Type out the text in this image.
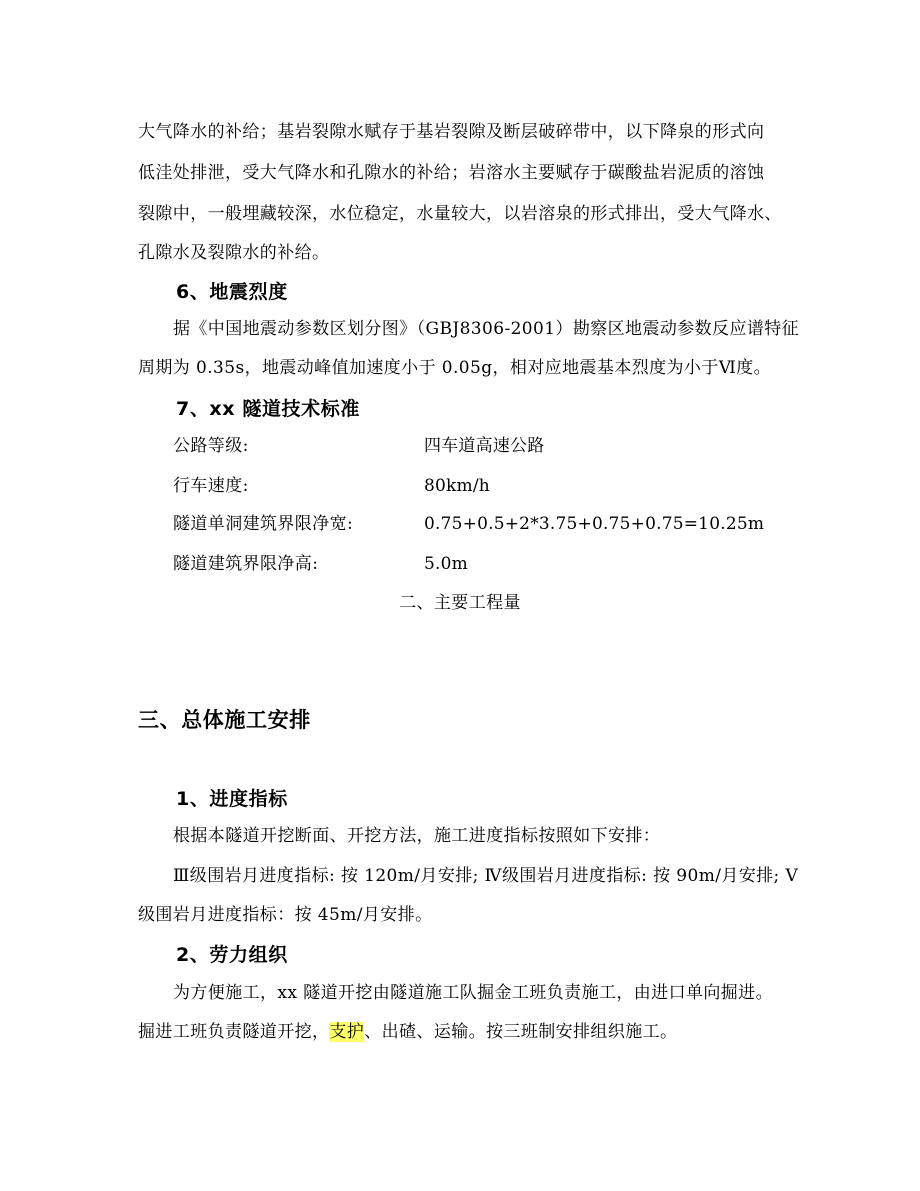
大气降水的补给；基岩裂隙水赋存于基岩裂隙及断层破碎带中，以下降泉的形式向
低洼处排泄，受大气降水和孔隙水的补给；岩溶水主要赋存于碳酸盐岩泥质的溶蚀
裂隙中，一般埋藏较深，水位稳定，水量较大，以岩溶泉的形式排出，受大气降水、
孔隙水及裂隙水的补给。
6、地震烈度
据《中国地震动参数区划分图》（GBJ8306-2001）勘察区地震动参数反应谱特征
周期为 0.35s，地震动峰值加速度小于 0.05g，相对应地震基本烈度为小于Ⅵ度。
7、xx 隧道技术标准
公路等级:	四车道高速公路
行车速度:	80km/h
隧道单洞建筑界限净宽:	0.75+0.5+2*3.75+0.75+0.75=10.25m
隧道建筑界限净高:	5.0m
二、主要工程量
三、总体施工安排
1、进度指标
根据本隧道开挖断面、开挖方法，施工进度指标按照如下安排：
Ⅲ级围岩月进度指标: 按 120m/月安排; Ⅳ级围岩月进度指标: 按 90m/月安排; Ⅴ
级围岩月进度指标：按 45m/月安排。
2、劳力组织
为方便施工，xx 隧道开挖由隧道施工队掘金工班负责施工，由进口单向掘进。
掘进工班负责隧道开挖，支护、出碴、运输。按三班制安排组织施工。
